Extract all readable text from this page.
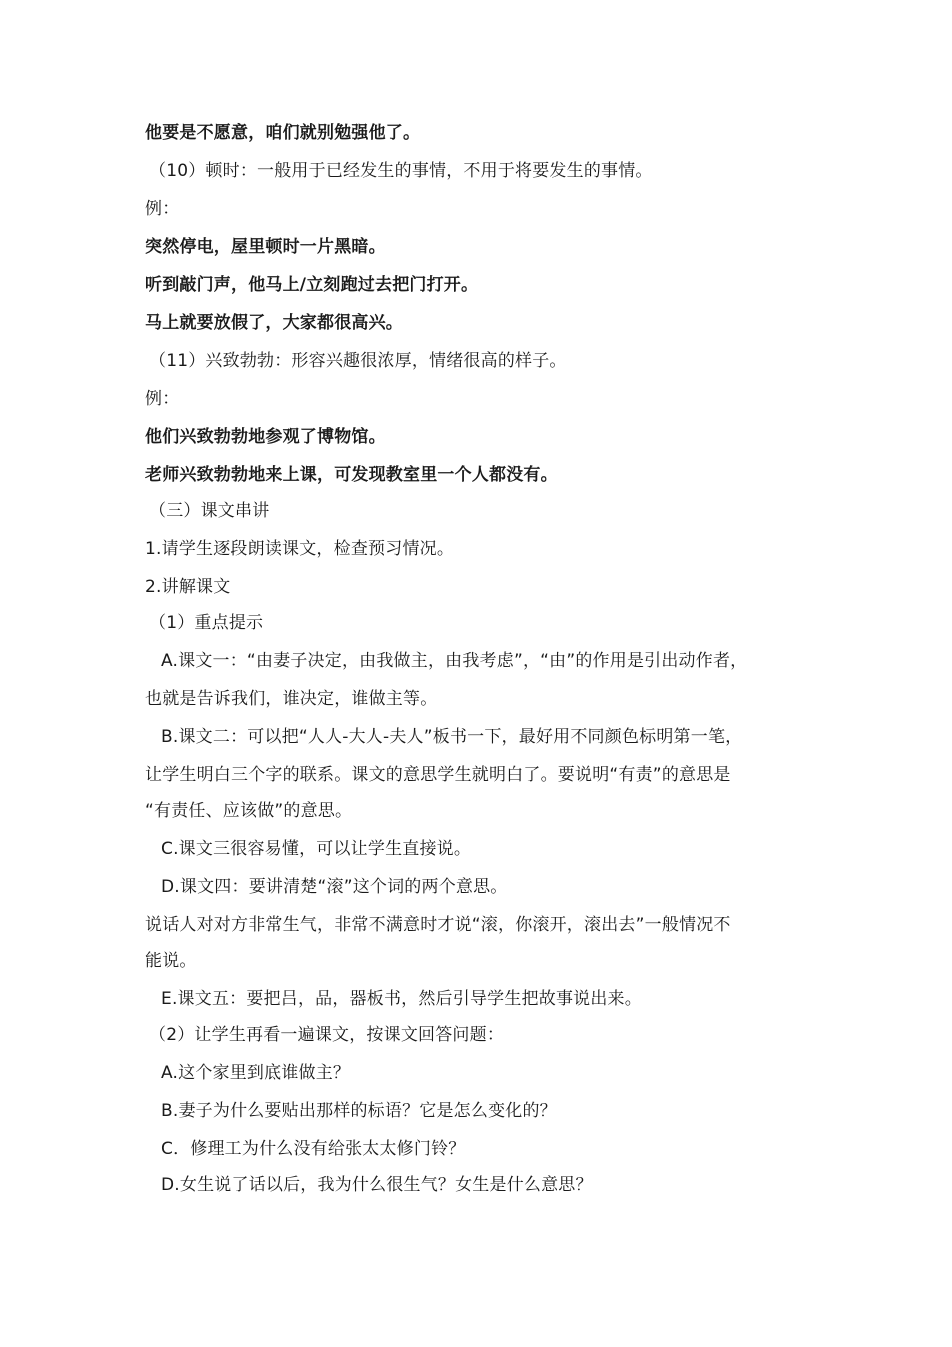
他要是不愿意，咱们就别勉强他了。
（10）顿时：一般用于已经发生的事情，不用于将要发生的事情。
例：
突然停电，屋里顿时一片黑暗。
听到敲门声，他马上/立刻跑过去把门打开。
马上就要放假了，大家都很高兴。
（11）兴致勃勃：形容兴趣很浓厚，情绪很高的样子。
例：
他们兴致勃勃地参观了博物馆。
老师兴致勃勃地来上课，可发现教室里一个人都没有。
（三）课文串讲
1.请学生逐段朗读课文，检查预习情况。
2.讲解课文
（1）重点提示
A.课文一：“由妻子决定，由我做主，由我考虑”，“由”的作用是引出动作者，
也就是告诉我们，谁决定，谁做主等。
B.课文二：可以把“人人-大人-夫人”板书一下，最好用不同颜色标明第一笔，
让学生明白三个字的联系。课文的意思学生就明白了。要说明“有责”的意思是
“有责任、应该做”的意思。
C.课文三很容易懂，可以让学生直接说。
D.课文四：要讲清楚“滚”这个词的两个意思。
说话人对对方非常生气，非常不满意时才说“滚，你滚开，滚出去”一般情况不
能说。
E.课文五：要把吕，品，器板书，然后引导学生把故事说出来。
（2）让学生再看一遍课文，按课文回答问题：
A.这个家里到底谁做主？
B.妻子为什么要贴出那样的标语？它是怎么变化的？
C．修理工为什么没有给张太太修门铃？
D.女生说了话以后，我为什么很生气？女生是什么意思？
